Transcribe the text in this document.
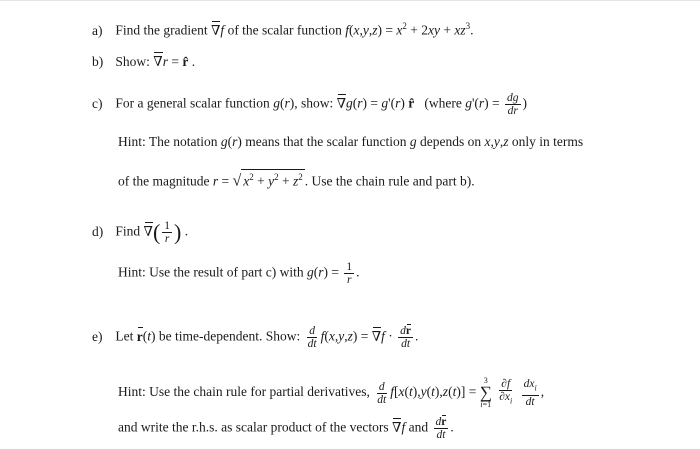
a) Find the gradient ∇f of the scalar function $f(x,y,z) = x^2 + 2xy + xz^3$.
b) Show: ∇r = r̂ .
c) For a general scalar function g(r), show: ∇g(r) = g'(r) r̂ (where $g'(r) = \frac{dg}{dr}$ )
Hint: The notation g(r) means that the scalar function g depends on x,y,z only in terms
of the magnitude r = √ $x^2 + y^2 + z^2$ . Use the chain rule and part b).
d) Find ∇( $\frac{1}{r}$ ) .
Hint: Use the result of part c) with $g(r) = \frac{1}{r}$ .
e) Let r(t) be time-dependent. Show: $\frac{d}{dt} f(x,y,z) = \nabla f \cdot \frac{dr}{dt}$ .
Hint: Use the chain rule for partial derivatives, $\frac{d}{dt} f[x(t),y(t),z(t)]$ =
3
∑
i=1
$\frac{\partial f}{\partial x_i}$
$\frac{dx_i}{dt}$ ,
and write the r.h.s. as scalar product of the vectors ∇f and $\frac{dr}{dt}$ .
